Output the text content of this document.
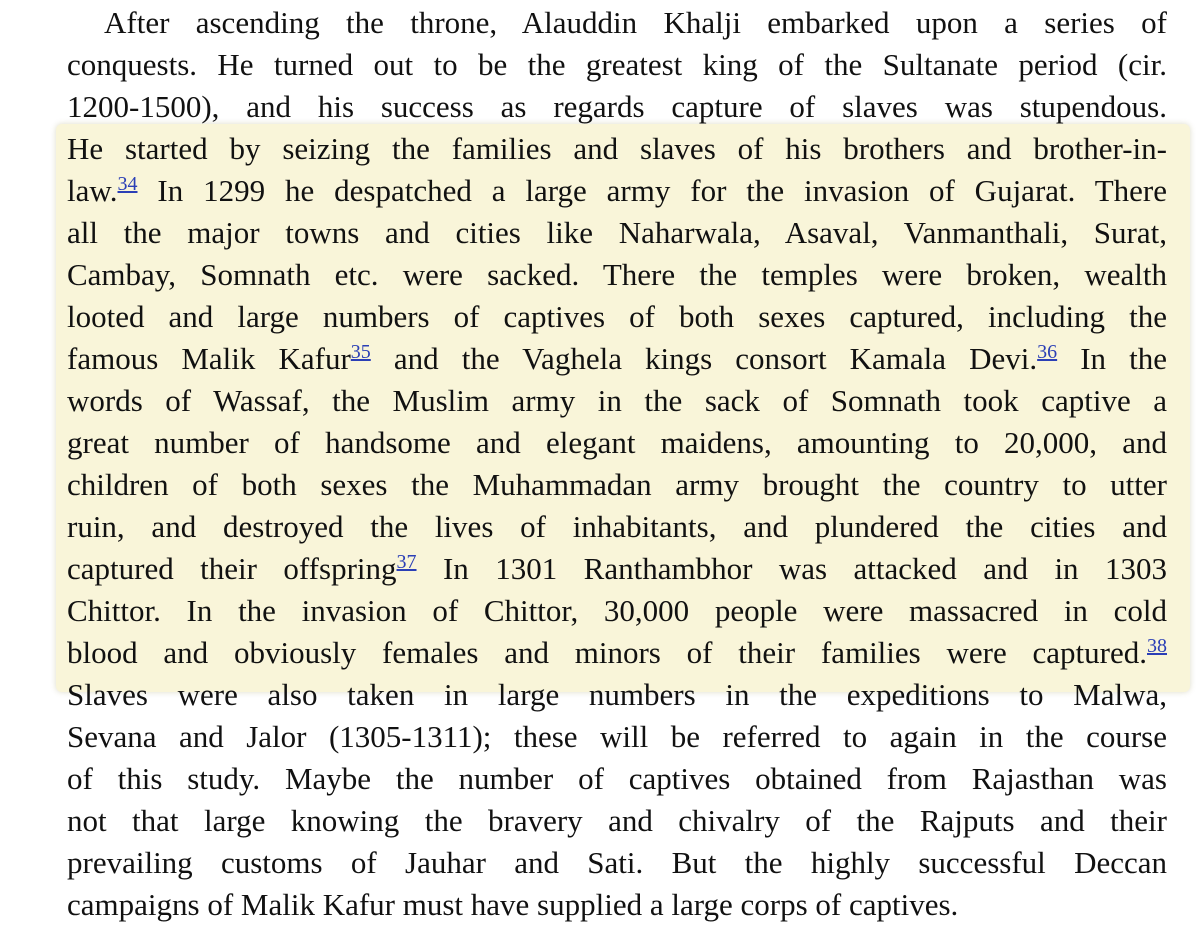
After ascending the throne, Alauddin Khalji embarked upon a series of
conquests. He turned out to be the greatest king of the Sultanate period (cir.
1200-1500), and his success as regards capture of slaves was stupendous.
He started by seizing the families and slaves of his brothers and brother-in-
law.$^{34}$ In 1299 he despatched a large army for the invasion of Gujarat. There
all the major towns and cities like Naharwala, Asaval, Vanmanthali, Surat,
Cambay, Somnath etc. were sacked. There the temples were broken, wealth
looted and large numbers of captives of both sexes captured, including the
famous Malik Kafur$^{35}$ and the Vaghela kings consort Kamala Devi.$^{36}$ In the
words of Wassaf, the Muslim army in the sack of Somnath took captive a
great number of handsome and elegant maidens, amounting to 20,000, and
children of both sexes the Muhammadan army brought the country to utter
ruin, and destroyed the lives of inhabitants, and plundered the cities and
captured their offspring$^{37}$ In 1301 Ranthambhor was attacked and in 1303
Chittor. In the invasion of Chittor, 30,000 people were massacred in cold
blood and obviously females and minors of their families were captured.$^{38}$
Slaves were also taken in large numbers in the expeditions to Malwa,
Sevana and Jalor (1305-1311); these will be referred to again in the course
of this study. Maybe the number of captives obtained from Rajasthan was
not that large knowing the bravery and chivalry of the Rajputs and their
prevailing customs of Jauhar and Sati. But the highly successful Deccan
campaigns of Malik Kafur must have supplied a large corps of captives.
